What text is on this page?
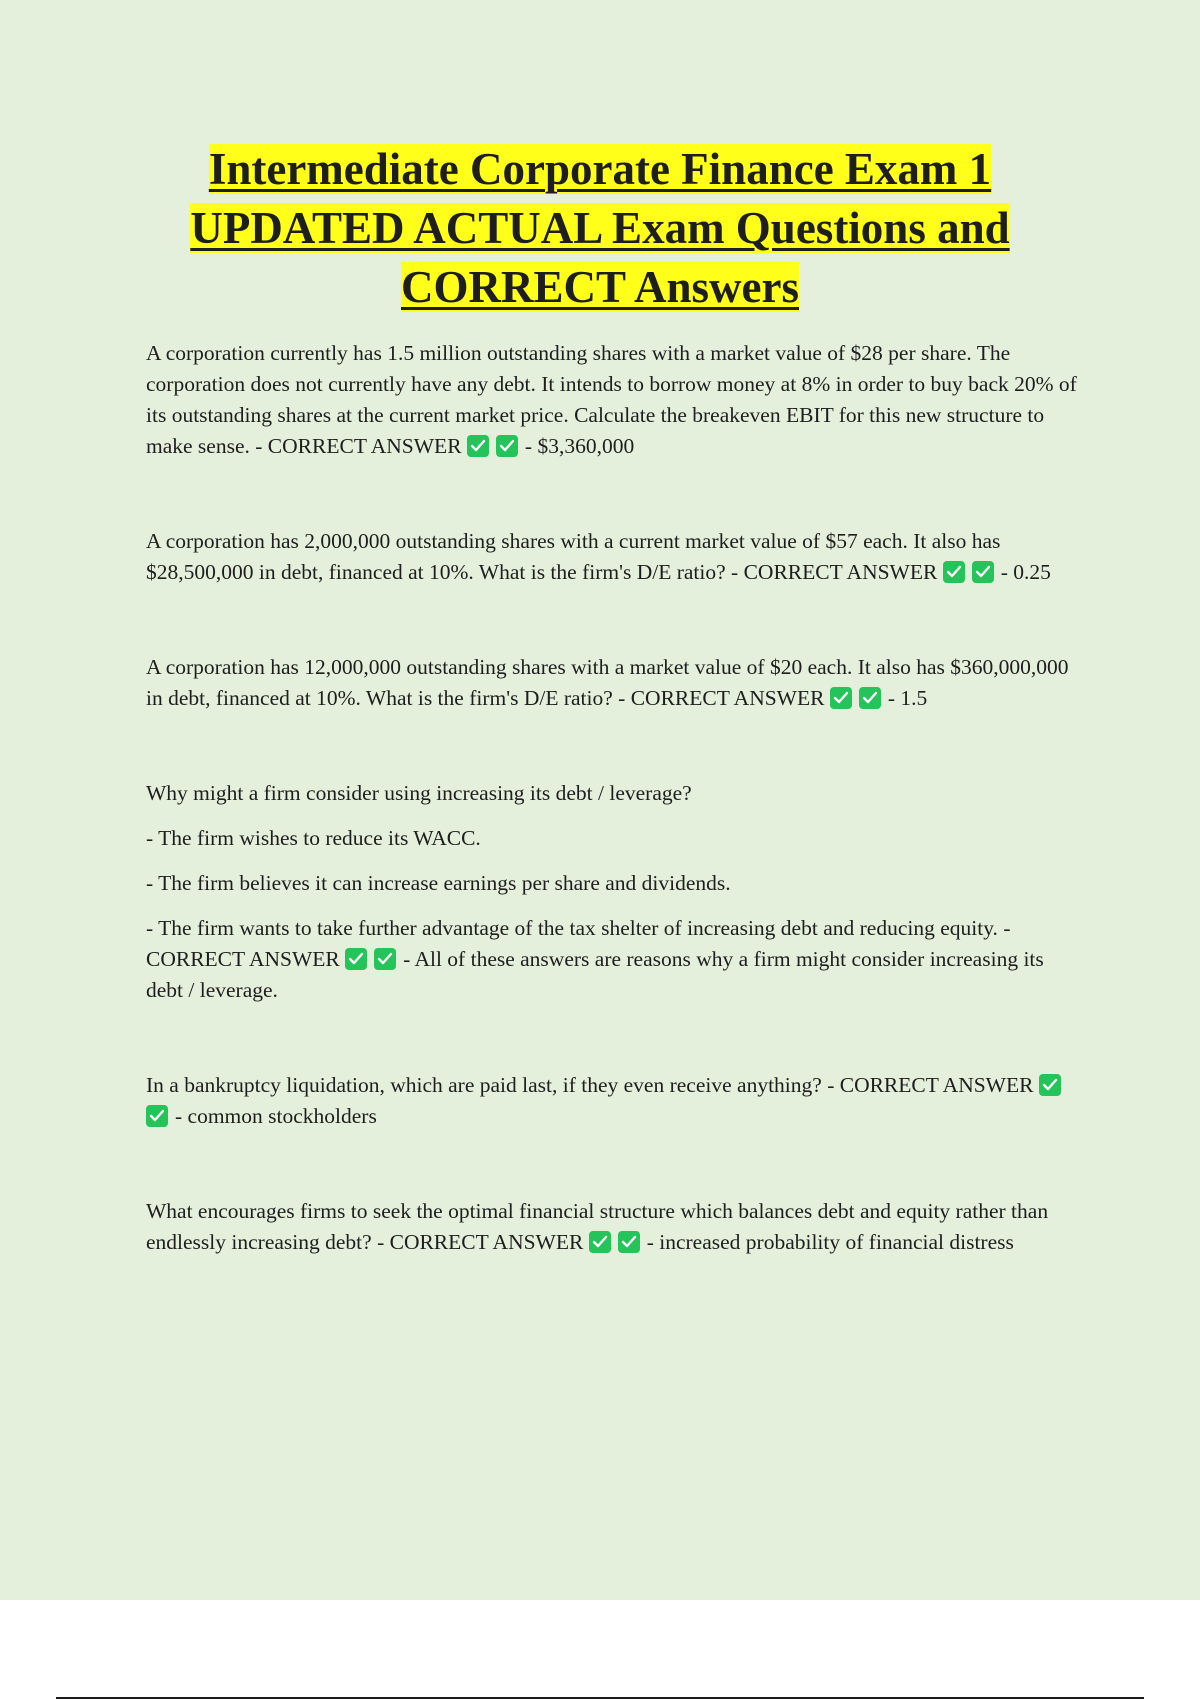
Intermediate Corporate Finance Exam 1
UPDATED ACTUAL Exam Questions and
CORRECT Answers

A corporation currently has 1.5 million outstanding shares with a market value of $28 per share. The corporation does not currently have any debt. It intends to borrow money at 8% in order to buy back 20% of its outstanding shares at the current market price. Calculate the breakeven EBIT for this new structure to make sense. - CORRECT ANSWER	- $3,360,000

A corporation has 2,000,000 outstanding shares with a current market value of $57 each. It also has $28,500,000 in debt, financed at 10%. What is the firm's D/E ratio? - CORRECT ANSWER	- 0.25

A corporation has 12,000,000 outstanding shares with a market value of $20 each. It also has $360,000,000 in debt, financed at 10%. What is the firm's D/E ratio? - CORRECT ANSWER	- 1.5

Why might a firm consider using increasing its debt / leverage?

- The firm wishes to reduce its WACC.

- The firm believes it can increase earnings per share and dividends.

- The firm wants to take further advantage of the tax shelter of increasing debt and reducing equity. - CORRECT ANSWER	- All of these answers are reasons why a firm might consider increasing its debt / leverage.

In a bankruptcy liquidation, which are paid last, if they even receive anything? - CORRECT ANSWER
- common stockholders

What encourages firms to seek the optimal financial structure which balances debt and equity rather than endlessly increasing debt? - CORRECT ANSWER	- increased probability of financial distress
